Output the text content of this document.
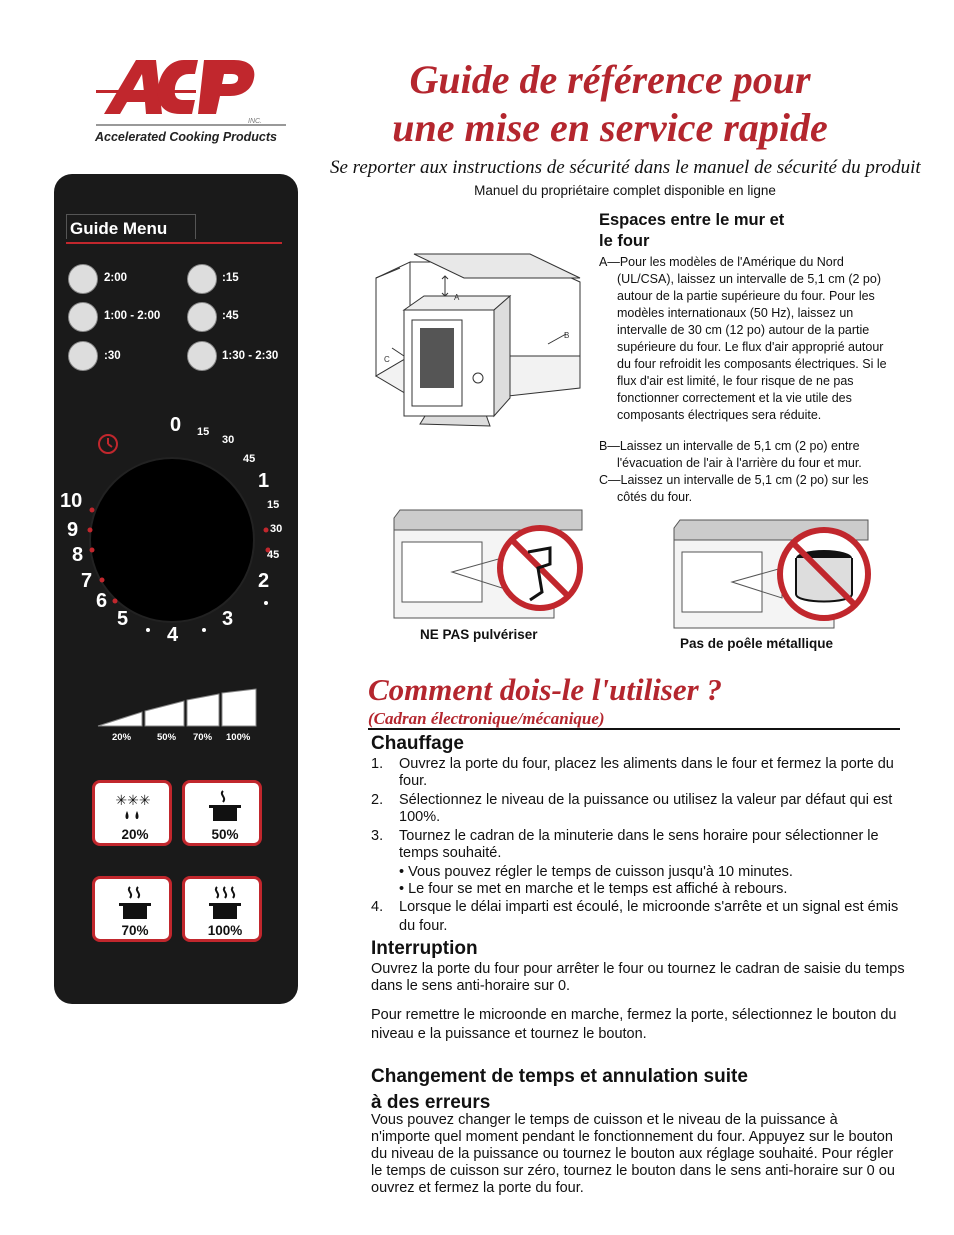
INC.
Accelerated Cooking Products
Guide de référence pour
une mise en service rapide
Se reporter aux instructions de sécurité dans le manuel de sécurité du produit
Manuel du propriétaire complet disponible en ligne
Guide Menu
2:00	:15
1:00 - 2:00	:45
:30	1:30 - 2:30
0
1
2
3
4
5
6
7
8
9
10
15
30
45
15
30
45
20%	50% 70% 100%
✳✳✳
20%	50%
70%	100%
A
B
C
Espaces entre le mur et
le four
A—Pour les modèles de l'Amérique du Nord
(UL/CSA), laissez un intervalle de 5,1 cm (2 po) autour de la partie supérieure du four. Pour les modèles internationaux (50 Hz), laissez un intervalle de 30 cm (12 po) autour de la partie supérieure du four. Le flux d'air approprié autour du four refroidit les composants électriques. Si le flux d'air est limité, le four risque de ne pas fonctionner correctement et la vie utile des composants électriques sera réduite.
B—Laissez un intervalle de 5,1 cm (2 po) entre
l'évacuation de l'air à l'arrière du four et mur.
C—Laissez un intervalle de 5,1 cm (2 po) sur les
côtés du four.
NE PAS pulvériser
Pas de poêle métallique
Comment dois-le l'utiliser ?
(Cadran électronique/mécanique)
Chauffage
1. Ouvrez la porte du four, placez les aliments dans le four et fermez la porte du four.
2. Sélectionnez le niveau de la puissance ou utilisez la valeur par défaut qui est 100%.
3. Tournez le cadran de la minuterie dans le sens horaire pour sélectionner le temps souhaité.
• Vous pouvez régler le temps de cuisson jusqu'à 10 minutes.
• Le four se met en marche et le temps est affiché à rebours.
4. Lorsque le délai imparti est écoulé, le microonde s'arrête et un signal est émis du four.
Interruption
Ouvrez la porte du four pour arrêter le four ou tournez le cadran de saisie du temps dans le sens anti-horaire sur 0.
Pour remettre le microonde en marche, fermez la porte, sélectionnez le bouton du niveau e la puissance et tournez le bouton.
Changement de temps et annulation suite
à des erreurs
Vous pouvez changer le temps de cuisson et le niveau de la puissance à n'importe quel moment pendant le fonctionnement du four. Appuyez sur le bouton du niveau de la puissance ou tournez le bouton aux réglage souhaité. Pour régler le temps de cuisson sur zéro, tournez le bouton dans le sens anti-horaire sur 0 ou ouvrez et fermez la porte du four.
